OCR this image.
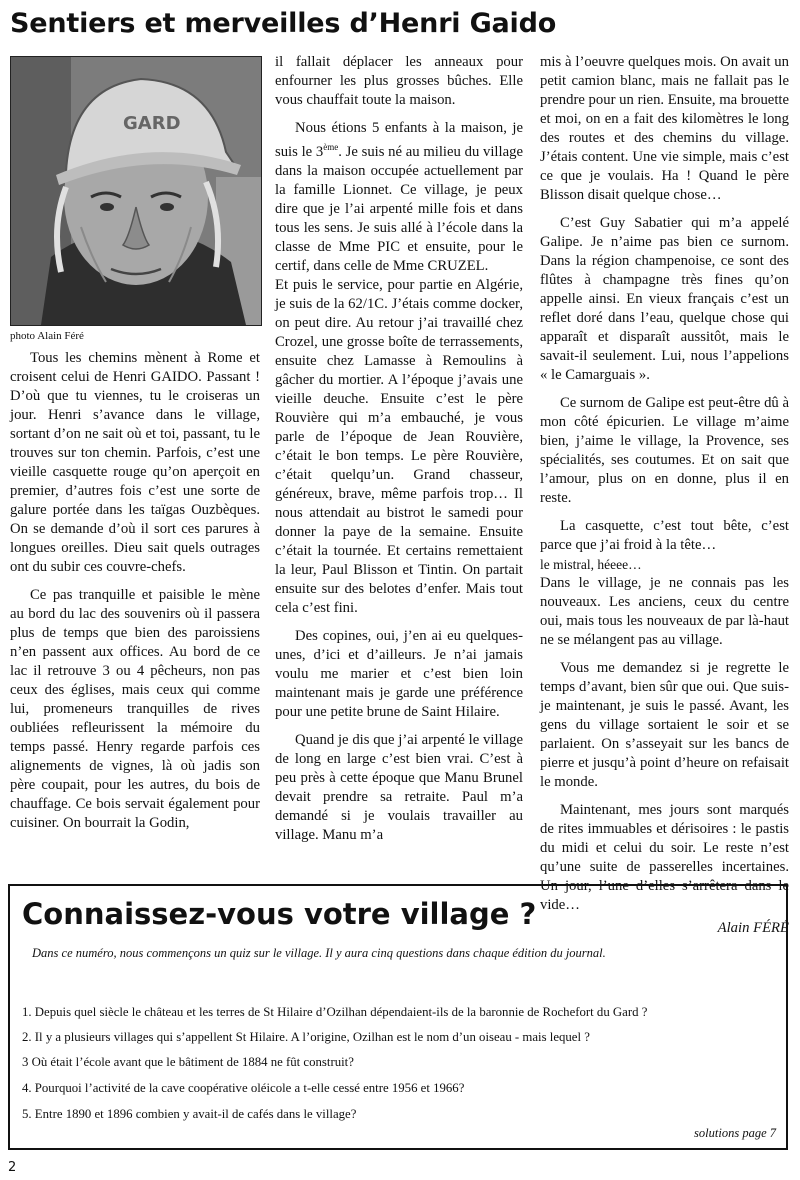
Sentiers et merveilles d’Henri Gaido
GARD
photo Alain Féré

Tous les chemins mènent à Rome et croisent celui de Henri GAIDO. Passant ! D’où que tu viennes, tu le croiseras un jour. Henri s’avance dans le village, sortant d’on ne sait où et toi, passant, tu le trouves sur ton chemin. Parfois, c’est une vieille casquette rouge qu’on aperçoit en premier, d’autres fois c’est une sorte de galure portée dans les taïgas Ouzbèques. On se demande d’où il sort ces parures à longues oreilles. Dieu sait quels outrages ont du subir ces couvre-chefs.

Ce pas tranquille et paisible le mène au bord du lac des souvenirs où il passera plus de temps que bien des paroissiens n’en passent aux offices. Au bord de ce lac il retrouve 3 ou 4 pêcheurs, non pas ceux des églises, mais ceux qui comme lui, promeneurs tranquilles de rives oubliées refleurissent la mémoire du temps passé. Henry regarde parfois ces alignements de vignes, là où jadis son père coupait, pour les autres, du bois de chauffage. Ce bois servait également pour cuisiner. On bourrait la Godin,

il fallait déplacer les anneaux pour enfourner les plus grosses bûches. Elle vous chauffait toute la maison.

Nous étions 5 enfants à la maison, je suis le 3ème. Je suis né au milieu du village dans la maison occupée actuellement par la famille Lionnet. Ce village, je peux dire que je l’ai arpenté mille fois et dans tous les sens. Je suis allé à l’école dans la classe de Mme PIC et ensuite, pour le certif, dans celle de Mme CRUZEL.

Et puis le service, pour partie en Algérie, je suis de la 62/1C. J’étais comme docker, on peut dire. Au retour j’ai travaillé chez Crozel, une grosse boîte de terrassements, ensuite chez Lamasse à Remoulins à gâcher du mortier. A l’époque j’avais une vieille deuche. Ensuite c’est le père Rouvière qui m’a embauché, je vous parle de l’époque de Jean Rouvière, c’était le bon temps. Le père Rouvière, c’était quelqu’un. Grand chasseur, généreux, brave, même parfois trop… Il nous attendait au bistrot le samedi pour donner la paye de la semaine. Ensuite c’était la tournée. Et certains remettaient la leur, Paul Blisson et Tintin. On partait ensuite sur des belotes d’enfer. Mais tout cela c’est fini.

Des copines, oui, j’en ai eu quelques-unes, d’ici et d’ailleurs. Je n’ai jamais voulu me marier et c’est bien loin maintenant mais je garde une préférence pour une petite brune de Saint Hilaire.

Quand je dis que j’ai arpenté le village de long en large c’est bien vrai. C’est à peu près à cette époque que Manu Brunel devait prendre sa retraite. Paul m’a demandé si je voulais travailler au village. Manu m’a

mis à l’oeuvre quelques mois. On avait un petit camion blanc, mais ne fallait pas le prendre pour un rien. Ensuite, ma brouette et moi, on en a fait des kilomètres le long des routes et des chemins du village. J’étais content. Une vie simple, mais c’est ce que je voulais. Ha ! Quand le père Blisson disait quelque chose…

C’est Guy Sabatier qui m’a appelé Galipe. Je n’aime pas bien ce surnom. Dans la région champenoise, ce sont des flûtes à champagne très fines qu’on appelle ainsi. En vieux français c’est un reflet doré dans l’eau, quelque chose qui apparaît et disparaît aussitôt, mais le savait-il seulement. Lui, nous l’appelions « le Camarguais ».

Ce surnom de Galipe est peut-être dû à mon côté épicurien. Le village m’aime bien, j’aime le village, la Provence, ses spécialités, ses coutumes. Et on sait que l’amour, plus on en donne, plus il en reste.

La casquette, c’est tout bête, c’est parce que j’ai froid à la tête…

le mistral, héeee…

Dans le village, je ne connais pas les nouveaux. Les anciens, ceux du centre oui, mais tous les nouveaux de par là-haut ne se mélangent pas au village.

Vous me demandez si je regrette le temps d’avant, bien sûr que oui. Que suis-je maintenant, je suis le passé. Avant, les gens du village sortaient le soir et se parlaient. On s’asseyait sur les bancs de pierre et jusqu’à point d’heure on refaisait le monde.

Maintenant, mes jours sont marqués de rites immuables et dérisoires : le pastis du midi et celui du soir. Le reste n’est qu’une suite de passerelles incertaines. Un jour, l’une d’elles s’arrêtera dans le vide…

Alain FÉRÉ

Connaissez-vous votre village ?
Dans ce numéro, nous commençons un quiz sur le village. Il y aura cinq questions dans chaque édition du journal.
1. Depuis quel siècle le château et les terres de St Hilaire d’Ozilhan dépendaient-ils de la baronnie de Rochefort du Gard ?
2. Il y a plusieurs villages qui s’appellent St Hilaire. A l’origine, Ozilhan est le nom d’un oiseau - mais lequel ?
3 Où était l’école avant que le bâtiment de 1884 ne fût construit?
4. Pourquoi l’activité de la cave coopérative oléicole a t-elle cessé entre 1956 et 1966?
5. Entre 1890 et 1896 combien y avait-il de cafés dans le village?
solutions page 7
2
